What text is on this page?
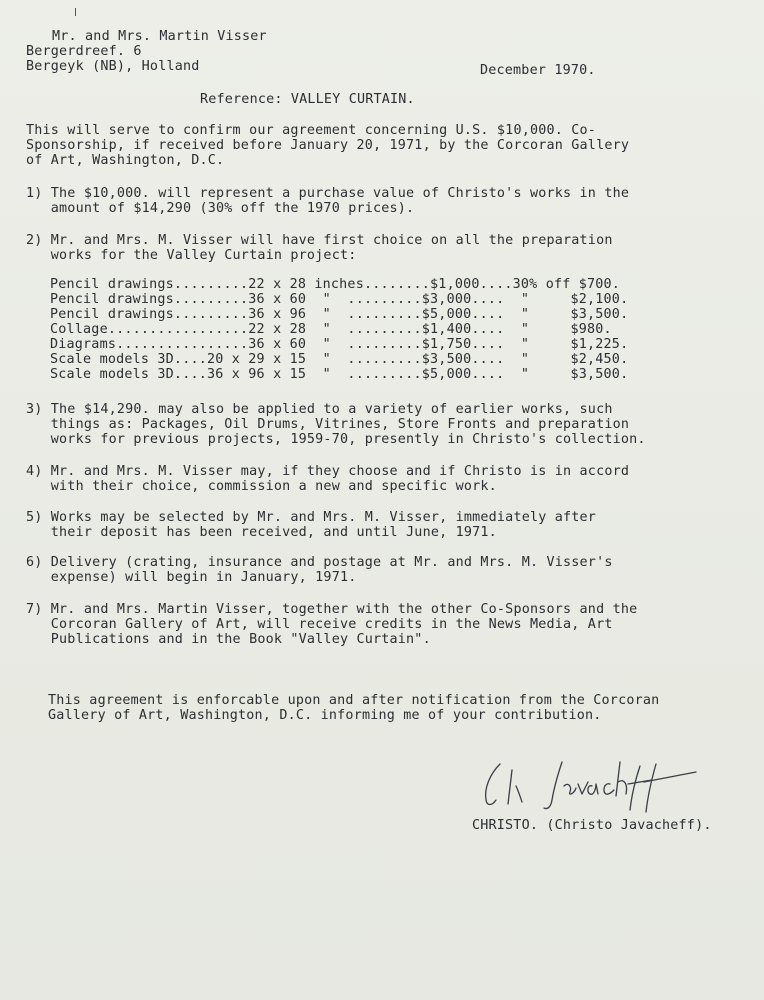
Mr. and Mrs. Martin Visser
Bergerdreef. 6
Bergeyk (NB), Holland	December 1970.
Reference: VALLEY CURTAIN.
This will serve to confirm our agreement concerning U.S. $10,000. Co-
Sponsorship, if received before January 20, 1971, by the Corcoran Gallery
of Art, Washington, D.C.
1) The $10,000. will represent a purchase value of Christo's works in the
amount of $14,290 (30% off the 1970 prices).
2) Mr. and Mrs. M. Visser will have first choice on all the preparation
works for the Valley Curtain project:
Pencil drawings.........22 x 28 inches........$1,000....30% off $700.
Pencil drawings.........36 x 60  "  .........$3,000....  "     $2,100.
Pencil drawings.........36 x 96  "  .........$5,000....  "     $3,500.
Collage.................22 x 28  "  .........$1,400....  "     $980.
Diagrams................36 x 60  "  .........$1,750....  "     $1,225.
Scale models 3D....20 x 29 x 15  "  .........$3,500....  "     $2,450.
Scale models 3D....36 x 96 x 15  "  .........$5,000....  "     $3,500.
3) The $14,290. may also be applied to a variety of earlier works, such
things as: Packages, Oil Drums, Vitrines, Store Fronts and preparation
works for previous projects, 1959-70, presently in Christo's collection.
4) Mr. and Mrs. M. Visser may, if they choose and if Christo is in accord
with their choice, commission a new and specific work.
5) Works may be selected by Mr. and Mrs. M. Visser, immediately after
their deposit has been received, and until June, 1971.
6) Delivery (crating, insurance and postage at Mr. and Mrs. M. Visser's
expense) will begin in January, 1971.
7) Mr. and Mrs. Martin Visser, together with the other Co-Sponsors and the
Corcoran Gallery of Art, will receive credits in the News Media, Art
Publications and in the Book "Valley Curtain".
This agreement is enforcable upon and after notification from the Corcoran
Gallery of Art, Washington, D.C. informing me of your contribution.
CHRISTO. (Christo Javacheff).
